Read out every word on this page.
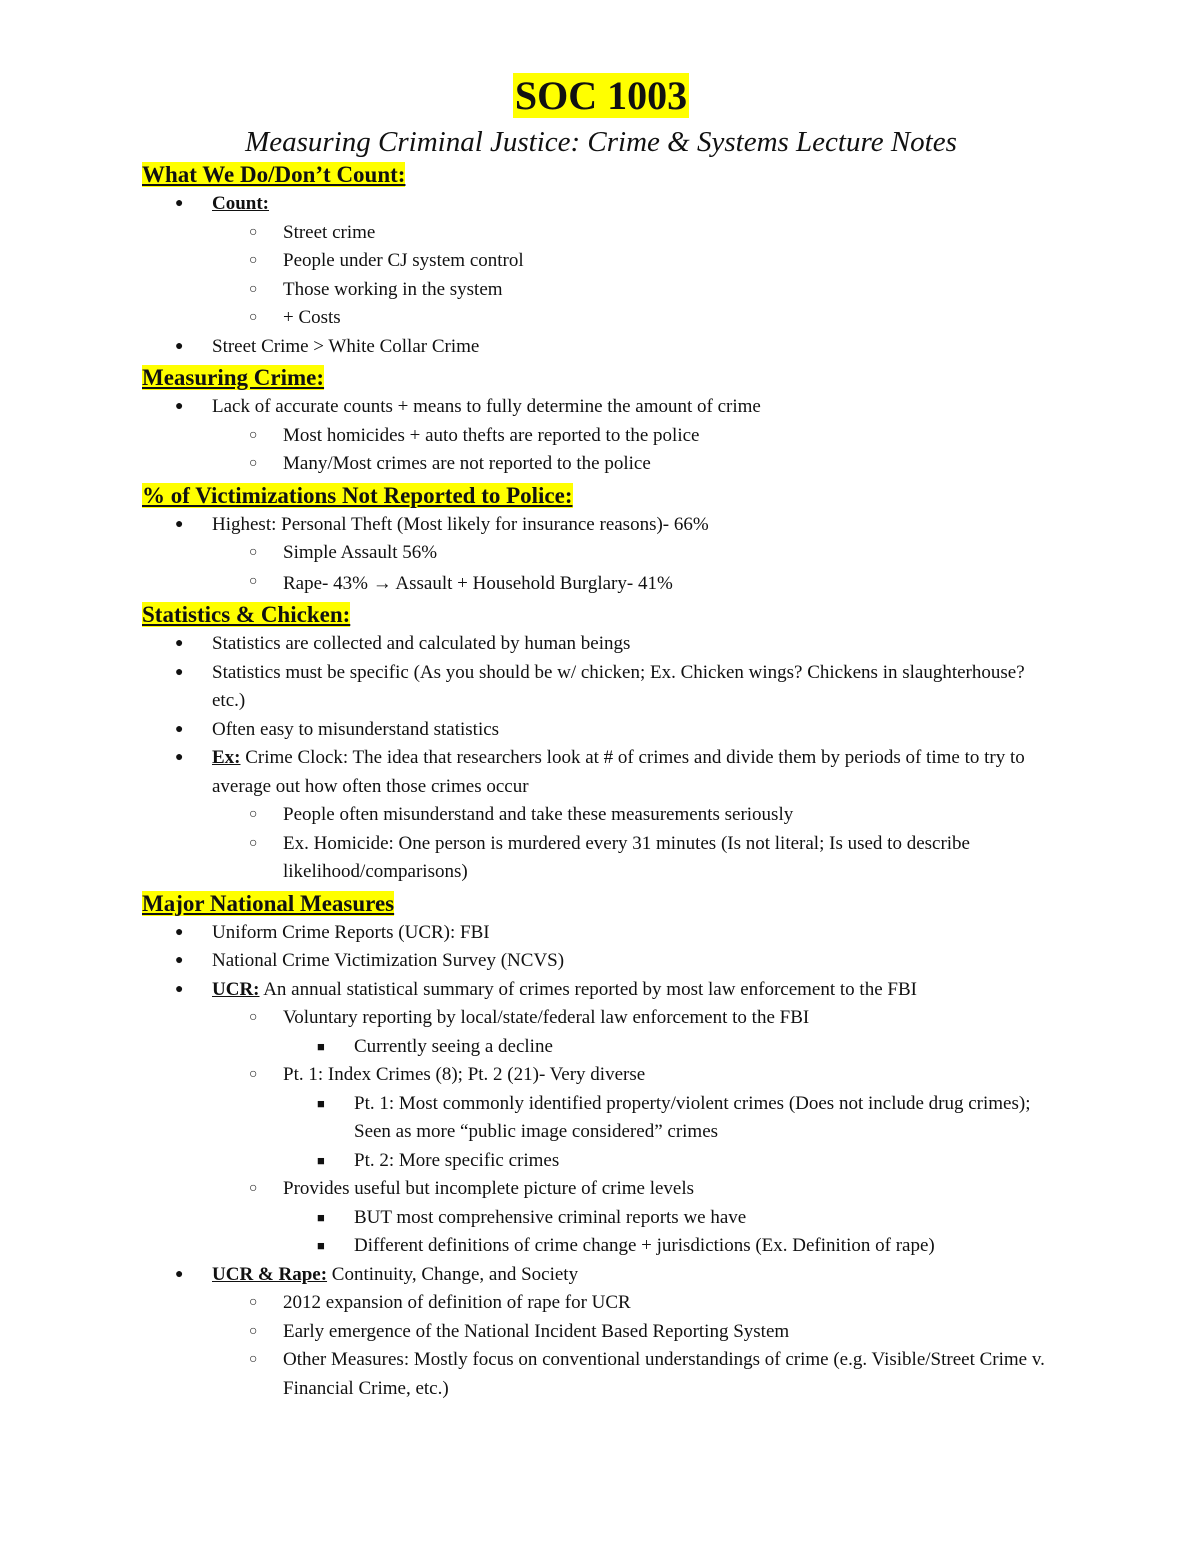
SOC 1003
Measuring Criminal Justice: Crime & Systems Lecture Notes
What We Do/Don’t Count:
● Count:
○ Street crime
○ People under CJ system control
○ Those working in the system
○ + Costs
● Street Crime > White Collar Crime
Measuring Crime:
● Lack of accurate counts + means to fully determine the amount of crime
○ Most homicides + auto thefts are reported to the police
○ Many/Most crimes are not reported to the police
% of Victimizations Not Reported to Police:
● Highest: Personal Theft (Most likely for insurance reasons)- 66%
○ Simple Assault 56%
○ Rape- 43% → Assault + Household Burglary- 41%
Statistics & Chicken:
● Statistics are collected and calculated by human beings
● Statistics must be specific (As you should be w/ chicken; Ex. Chicken wings? Chickens in slaughterhouse? etc.)
● Often easy to misunderstand statistics
● Ex: Crime Clock: The idea that researchers look at # of crimes and divide them by periods of time to try to average out how often those crimes occur
○ People often misunderstand and take these measurements seriously
○ Ex. Homicide: One person is murdered every 31 minutes (Is not literal; Is used to describe likelihood/comparisons)
Major National Measures
● Uniform Crime Reports (UCR): FBI
● National Crime Victimization Survey (NCVS)
● UCR: An annual statistical summary of crimes reported by most law enforcement to the FBI
○ Voluntary reporting by local/state/federal law enforcement to the FBI
■ Currently seeing a decline
○ Pt. 1: Index Crimes (8); Pt. 2 (21)- Very diverse
■ Pt. 1: Most commonly identified property/violent crimes (Does not include drug crimes); Seen as more “public image considered” crimes
■ Pt. 2: More specific crimes
○ Provides useful but incomplete picture of crime levels
■ BUT most comprehensive criminal reports we have
■ Different definitions of crime change + jurisdictions (Ex. Definition of rape)
● UCR & Rape: Continuity, Change, and Society
○ 2012 expansion of definition of rape for UCR
○ Early emergence of the National Incident Based Reporting System
○ Other Measures: Mostly focus on conventional understandings of crime (e.g. Visible/Street Crime v. Financial Crime, etc.)
